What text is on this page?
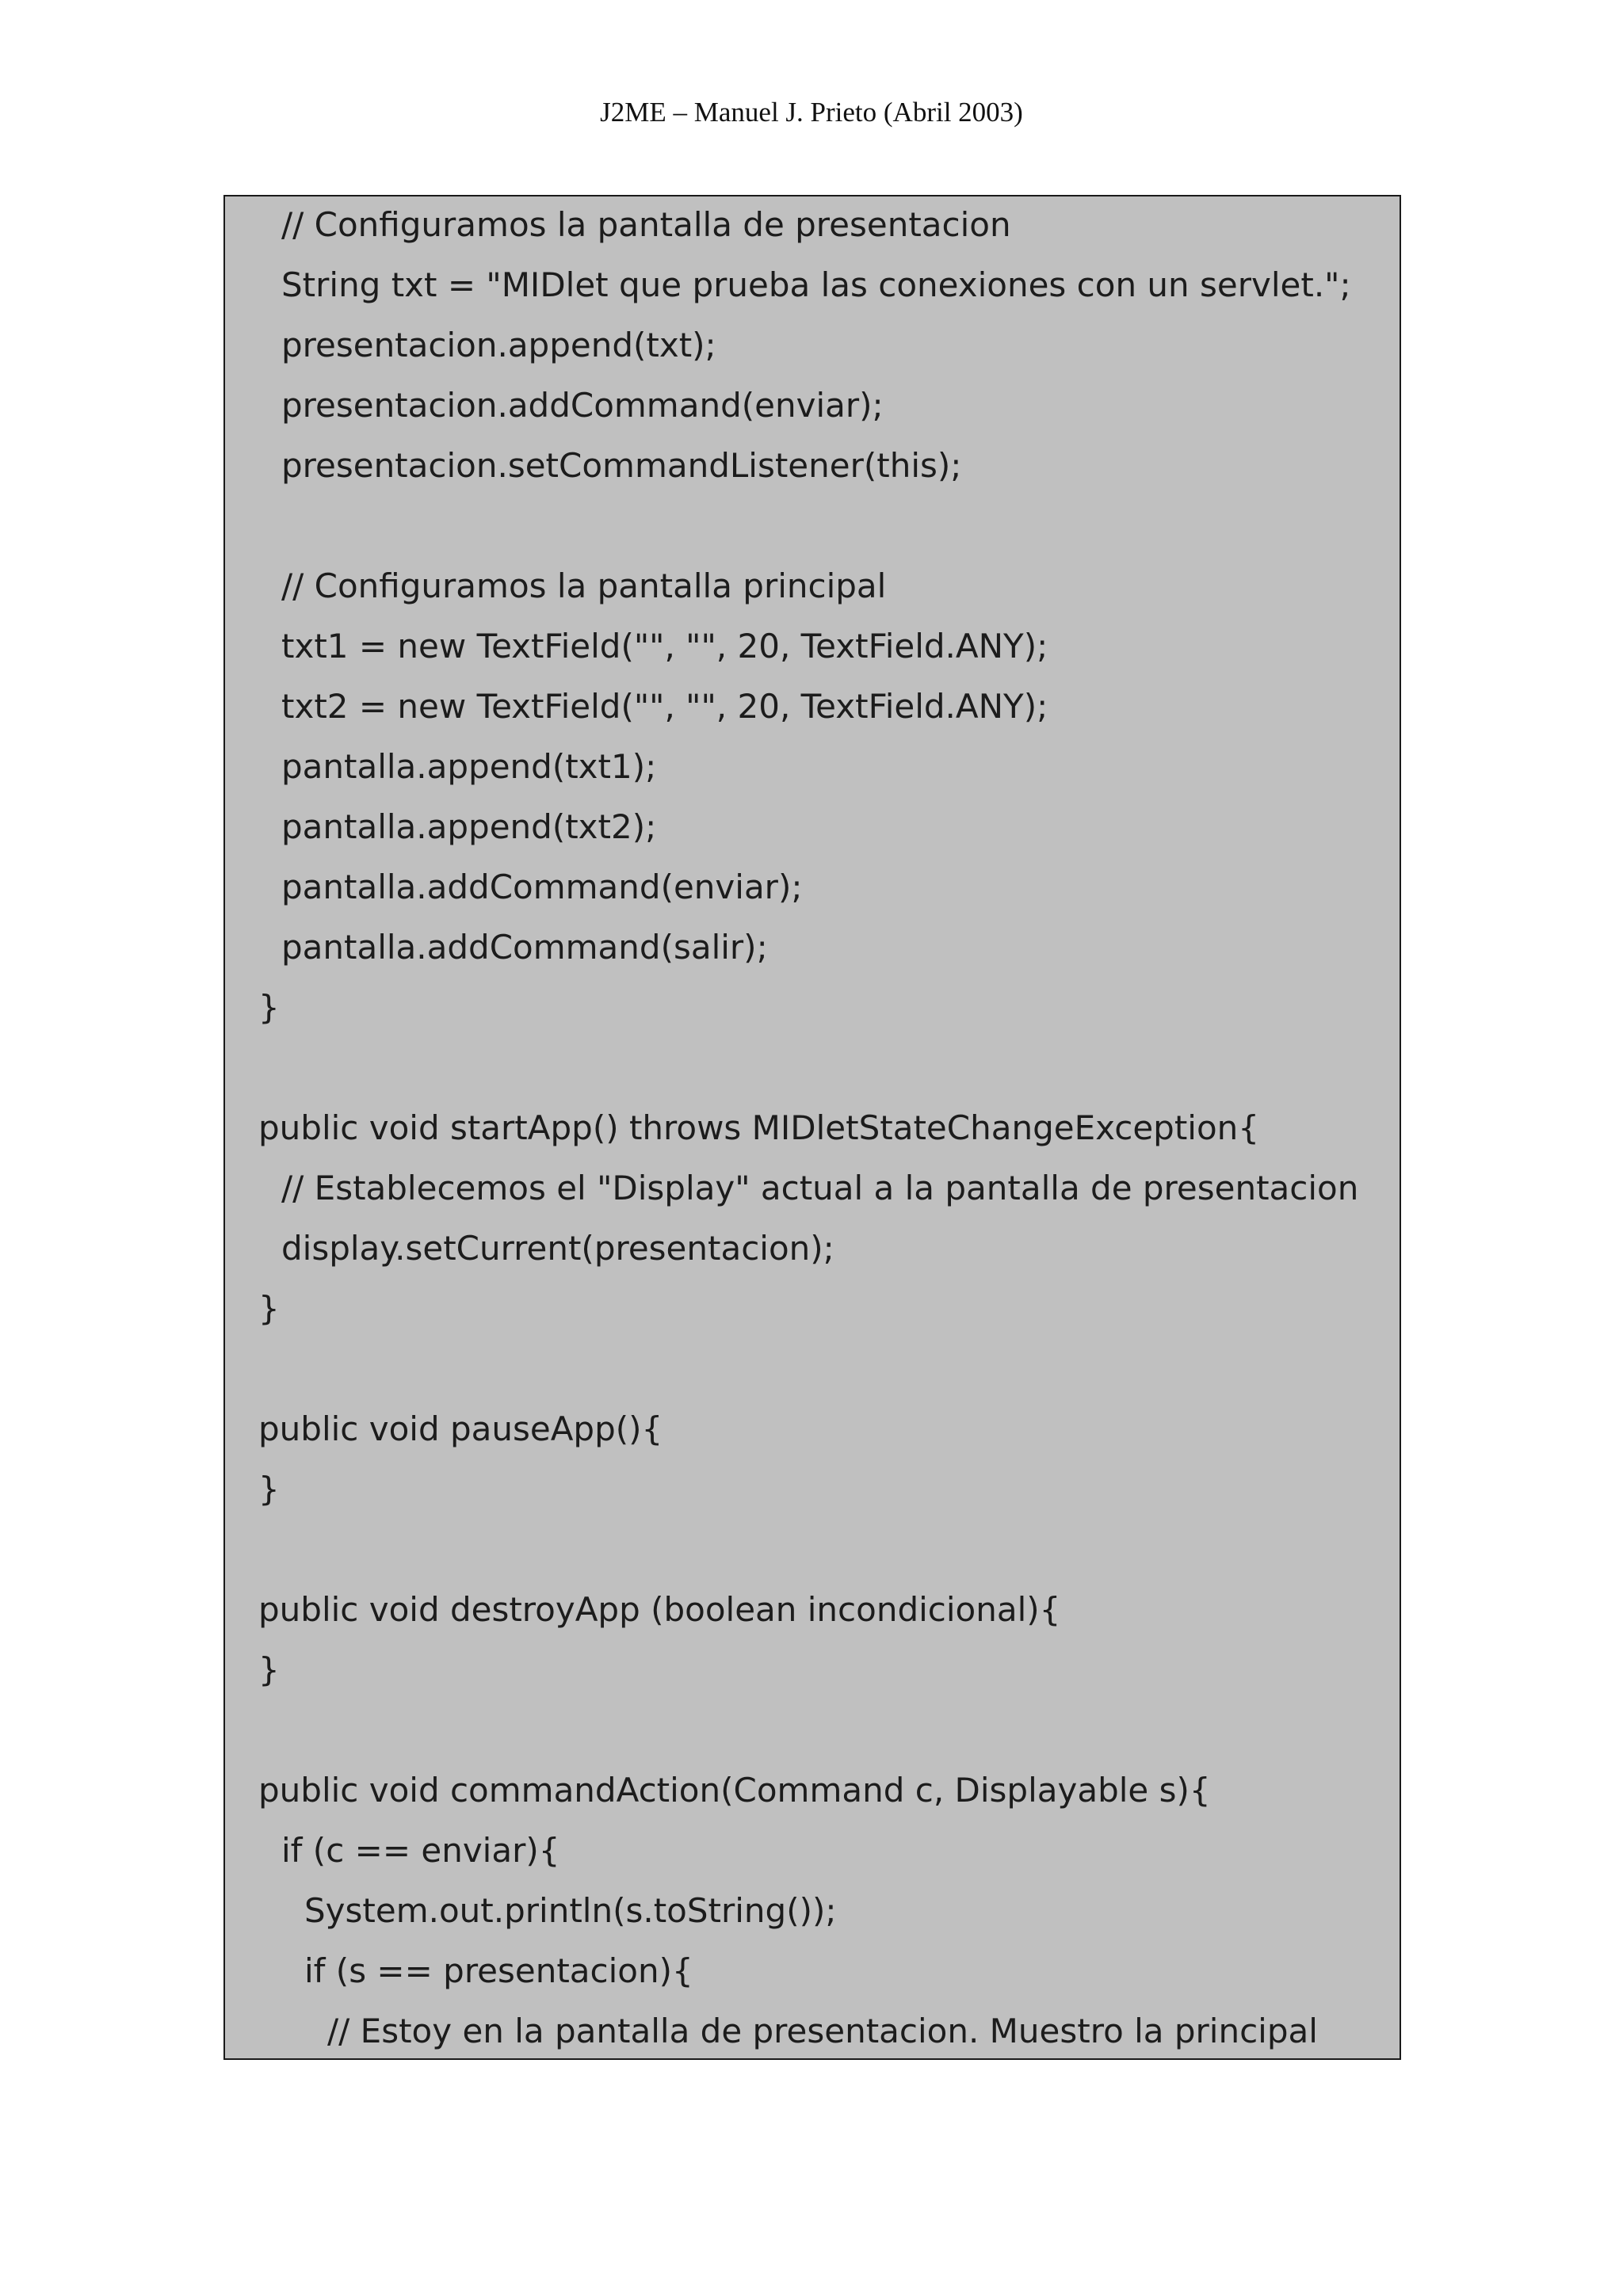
J2ME – Manuel J. Prieto (Abril 2003)
// Configuramos la pantalla de presentacion
String txt = "MIDlet que prueba las conexiones con un servlet.";
presentacion.append(txt);
presentacion.addCommand(enviar);
presentacion.setCommandListener(this);
// Configuramos la pantalla principal
txt1 = new TextField("", "", 20, TextField.ANY);
txt2 = new TextField("", "", 20, TextField.ANY);
pantalla.append(txt1);
pantalla.append(txt2);
pantalla.addCommand(enviar);
pantalla.addCommand(salir);
}
public void startApp() throws MIDletStateChangeException{
// Establecemos el "Display" actual a la pantalla de presentacion
display.setCurrent(presentacion);
}
public void pauseApp(){
}
public void destroyApp (boolean incondicional){
}
public void commandAction(Command c, Displayable s){
if (c == enviar){
System.out.println(s.toString());
if (s == presentacion){
// Estoy en la pantalla de presentacion. Muestro la principal
